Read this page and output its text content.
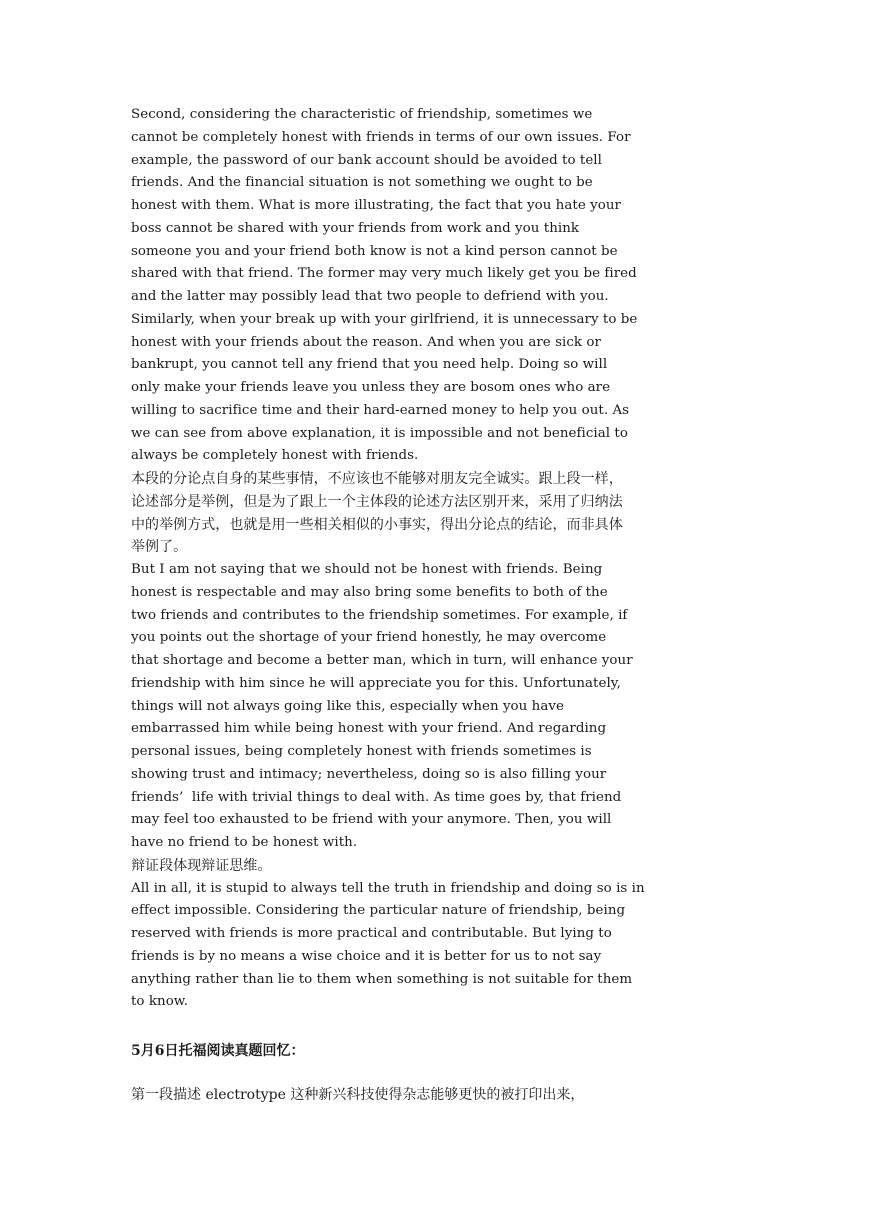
Second, considering the characteristic of friendship, sometimes we
cannot be completely honest with friends in terms of our own issues. For
example, the password of our bank account should be avoided to tell
friends. And the financial situation is not something we ought to be
honest with them. What is more illustrating, the fact that you hate your
boss cannot be shared with your friends from work and you think
someone you and your friend both know is not a kind person cannot be
shared with that friend. The former may very much likely get you be fired
and the latter may possibly lead that two people to defriend with you.
Similarly, when your break up with your girlfriend, it is unnecessary to be
honest with your friends about the reason. And when you are sick or
bankrupt, you cannot tell any friend that you need help. Doing so will
only make your friends leave you unless they are bosom ones who are
willing to sacrifice time and their hard-earned money to help you out. As
we can see from above explanation, it is impossible and not beneficial to
always be completely honest with friends.
本段的分论点自身的某些事情，不应该也不能够对朋友完全诚实。跟上段一样，
论述部分是举例，但是为了跟上一个主体段的论述方法区别开来，采用了归纳法
中的举例方式，也就是用一些相关相似的小事实，得出分论点的结论，而非具体
举例了。
But I am not saying that we should not be honest with friends. Being
honest is respectable and may also bring some benefits to both of the
two friends and contributes to the friendship sometimes. For example, if
you points out the shortage of your friend honestly, he may overcome
that shortage and become a better man, which in turn, will enhance your
friendship with him since he will appreciate you for this. Unfortunately,
things will not always going like this, especially when you have
embarrassed him while being honest with your friend. And regarding
personal issues, being completely honest with friends sometimes is
showing trust and intimacy; nevertheless, doing so is also filling your
friends’  life with trivial things to deal with. As time goes by, that friend
may feel too exhausted to be friend with your anymore. Then, you will
have no friend to be honest with.
辩证段体现辩证思维。
All in all, it is stupid to always tell the truth in friendship and doing so is in
effect impossible. Considering the particular nature of friendship, being
reserved with friends is more practical and contributable. But lying to
friends is by no means a wise choice and it is better for us to not say
anything rather than lie to them when something is not suitable for them
to know.
5月6日托福阅读真题回忆：
第一段描述 electrotype 这种新兴科技使得杂志能够更快的被打印出来，
